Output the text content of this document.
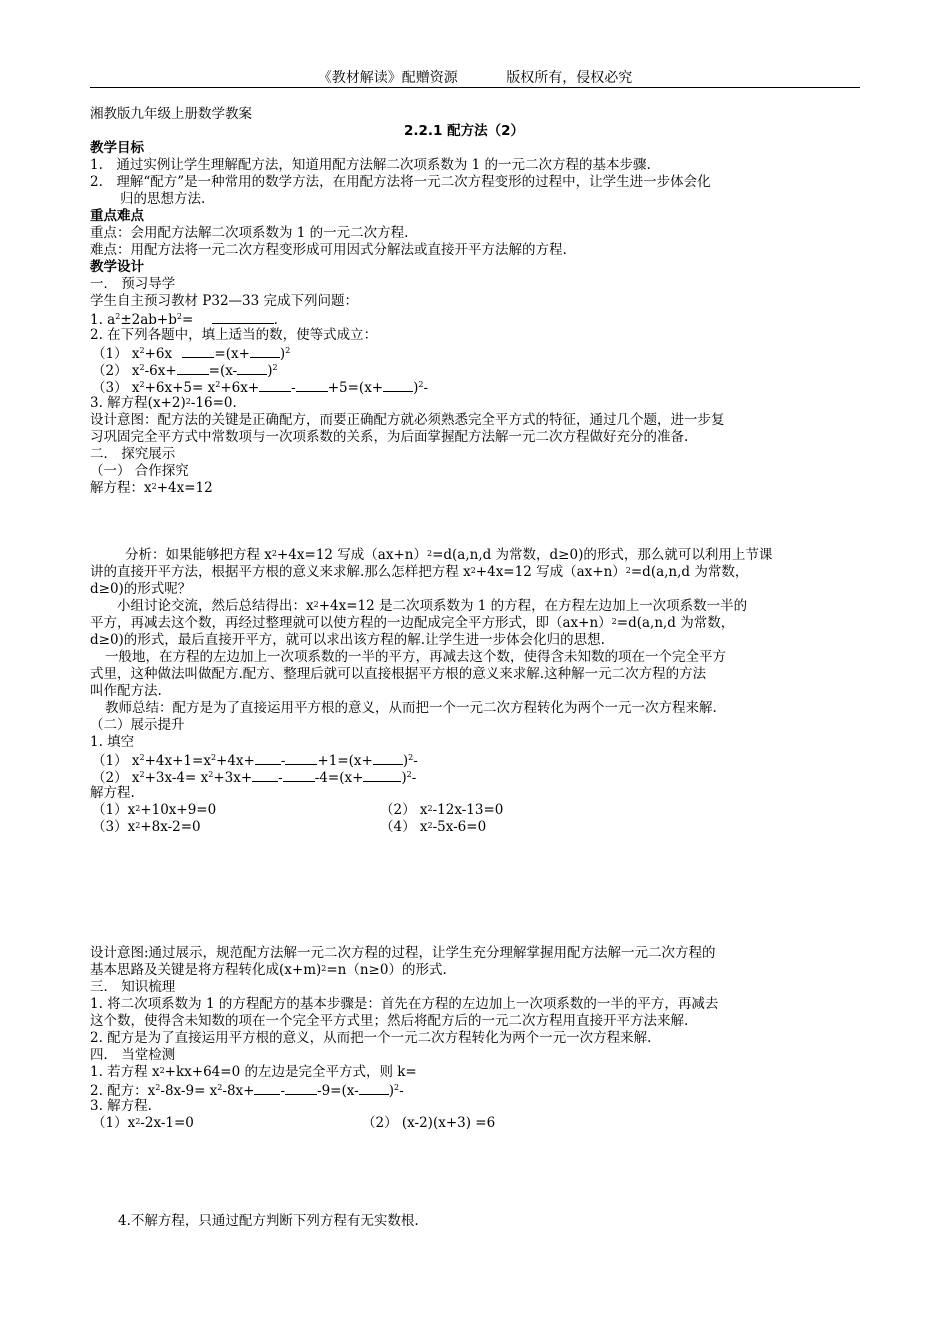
《教材解读》配赠资源	版权所有，侵权必究
湘教版九年级上册数学教案
2.2.1 配方法（2）
教学目标
1.　通过实例让学生理解配方法，知道用配方法解二次项系数为 1 的一元二次方程的基本步骤.
2.　理解“配方”是一种常用的数学方法，在用配方法将一元二次方程变形的过程中，让学生进一步体会化
归的思想方法.
重点难点
重点：会用配方法解二次项系数为 1 的一元二次方程.
难点：用配方法将一元二次方程变形成可用因式分解法或直接开平方法解的方程.
教学设计
一． 预习导学
学生自主预习教材 P32—33 完成下列问题：
1. $a^2\pm 2ab+b^2=$	.
2. 在下列各题中，填上适当的数，使等式成立：
（1） $x^2+6x$	$=(x+ )^2$
（2） $x^2-6x+ =(x-$ )$^2$
（3） $x^2+6x+5= x^2+6x+ - +5=(x+ )^2-$
3. 解方程$(x+2)^2-16=0$.
设计意图：配方法的关键是正确配方，而要正确配方就必须熟悉完全平方式的特征，通过几个题，进一步复
习巩固完全平方式中常数项与一次项系数的关系，为后面掌握配方法解一元二次方程做好充分的准备.
二． 探究展示
（一） 合作探究
解方程：$x^2+4x=12$
分析：如果能够把方程 $x^2+4x=12$ 写成$(ax+n)^2=d(a,n,d$ 为常数，d≥0)的形式，那么就可以利用上节课
讲的直接开平方法，根据平方根的意义来求解.那么怎样把方程 $x^2+4x=12$ 写成$(ax+n)^2=d(a,n,d$ 为常数，
d≥0)的形式呢？
小组讨论交流，然后总结得出：$x^2+4x=12$ 是二次项系数为 1 的方程，在方程左边加上一次项系数一半的
平方，再减去这个数，再经过整理就可以使方程的一边配成完全平方形式，即$(ax+n)^2=d(a,n,d$ 为常数，
d≥0)的形式，最后直接开平方，就可以求出该方程的解.让学生进一步体会化归的思想.
一般地，在方程的左边加上一次项系数的一半的平方，再减去这个数，使得含未知数的项在一个完全平方
式里，这种做法叫做配方.配方、整理后就可以直接根据平方根的意义来求解.这种解一元二次方程的方法
叫作配方法.
教师总结：配方是为了直接运用平方根的意义，从而把一个一元二次方程转化为两个一元一次方程来解.
（二）展示提升
1. 填空
（1） $x^2+4x+1=x^2+4x+ - +1=(x+ )^2-$
（2） $x^2+3x-4= x^2+3x+ - -4=(x+$	)$^2$-
解方程.
$(1)x^2+10x+9=0$	（2） $x^2-12x-13=0$
$(3)x^2+8x-2=0$	（4） $x^2-5x-6=0$
设计意图:通过展示，规范配方法解一元二次方程的过程，让学生充分理解掌握用配方法解一元二次方程的
基本思路及关键是将方程转化成$(x+m)^2=n(n\ge 0)$的形式.
三． 知识梳理
1. 将二次项系数为 1 的方程配方的基本步骤是：首先在方程的左边加上一次项系数的一半的平方，再减去
这个数，使得含未知数的项在一个完全平方式里；然后将配方后的一元二次方程用直接开平方法来解.
2. 配方是为了直接运用平方根的意义，从而把一个一元二次方程转化为两个一元一次方程来解.
四． 当堂检测
1. 若方程 $x^2+kx+64=0$ 的左边是完全平方式，则 k=
2. 配方：$x^2-8x-9= x^2-8x+ - -9=(x-$ )$^2$-
3. 解方程.
$(1)x^2-2x-1=0$	（2） (x-2)(x+3) =6
4.不解方程，只通过配方判断下列方程有无实数根.
